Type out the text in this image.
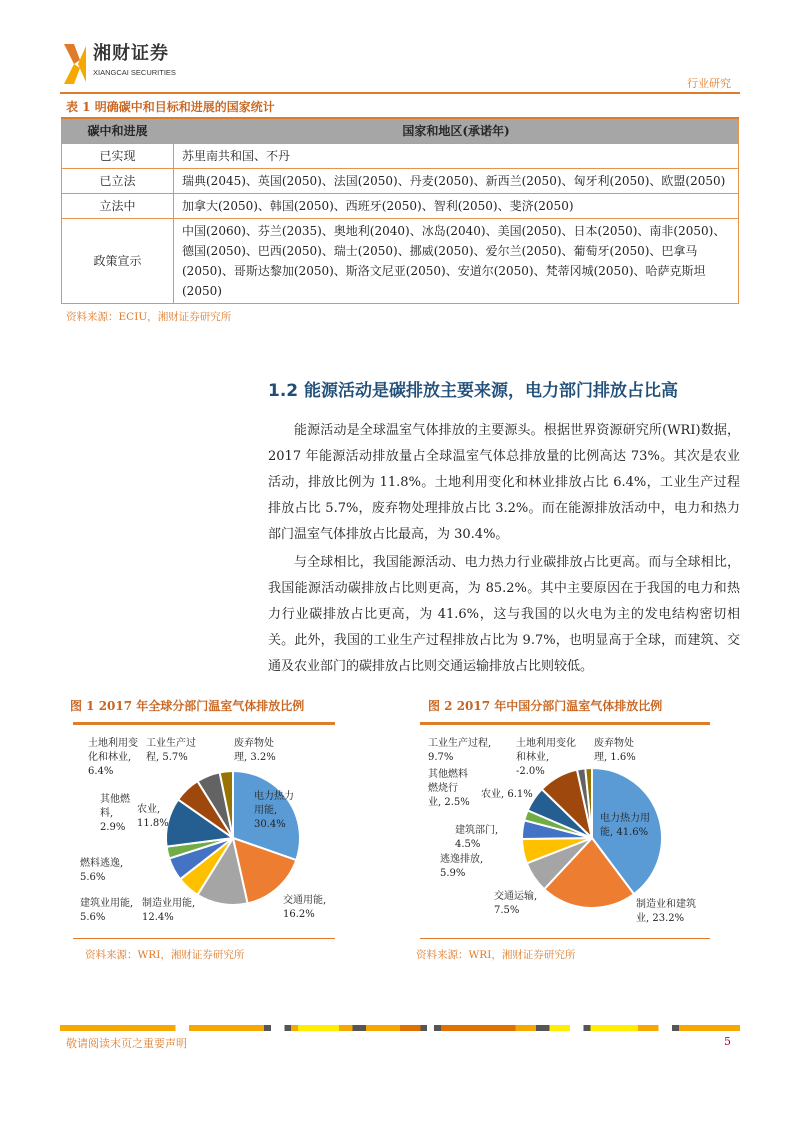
湘财证券
XIANGCAI SECURITIES
行业研究
表 1 明确碳中和目标和进展的国家统计
碳中和进展	国家和地区(承诺年)
已实现	苏里南共和国、不丹
已立法	瑞典(2045)、英国(2050)、法国(2050)、丹麦(2050)、新西兰(2050)、匈牙利(2050)、欧盟(2050)
立法中	加拿大(2050)、韩国(2050)、西班牙(2050)、智利(2050)、斐济(2050)
政策宣示	中国(2060)、芬兰(2035)、奥地利(2040)、冰岛(2040)、美国(2050)、日本(2050)、南非(2050)、德国(2050)、巴西(2050)、瑞士(2050)、挪威(2050)、爱尔兰(2050)、葡萄牙(2050)、巴拿马(2050)、哥斯达黎加(2050)、斯洛文尼亚(2050)、安道尔(2050)、梵蒂冈城(2050)、哈萨克斯坦(2050)
资料来源：ECIU，湘财证券研究所
1.2 能源活动是碳排放主要来源，电力部门排放占比高

能源活动是全球温室气体排放的主要源头。根据世界资源研究所(WRI)数据，2017 年能源活动排放量占全球温室气体总排放量的比例高达 73%。其次是农业活动，排放比例为 11.8%。土地利用变化和林业排放占比 6.4%，工业生产过程排放占比 5.7%，废弃物处理排放占比 3.2%。而在能源排放活动中，电力和热力部门温室气体排放占比最高，为 30.4%。

与全球相比，我国能源活动、电力热力行业碳排放占比更高。而与全球相比，我国能源活动碳排放占比则更高，为 85.2%。其中主要原因在于我国的电力和热力行业碳排放占比更高，为 41.6%，这与我国的以火电为主的发电结构密切相关。此外，我国的工业生产过程排放占比为 9.7%，也明显高于全球，而建筑、交通及农业部门的碳排放占比则交通运输排放占比则较低。

图 1 2017 年全球分部门温室气体排放比例
资料来源：WRI，湘财证券研究所
图 2 2017 年中国分部门温室气体排放比例
资料来源：WRI，湘财证券研究所
电力热力用能, 30.4%
交通用能, 16.2%
制造业用能, 12.4%
建筑业用能, 5.6%
燃料逃逸, 5.6%
其他燃料, 2.9%
农业, 11.8%
土地利用变化和林业, 6.4%
工业生产过程, 5.7%
废弃物处理, 3.2%
电力热力用能, 41.6%
制造业和建筑业, 23.2%
交通运输, 7.5%
逃逸排放, 5.9%
建筑部门, 4.5%
其他燃料燃烧行业, 2.5%
农业, 6.1%
工业生产过程, 9.7%
土地利用变化和林业, -2.0%
废弃物处理, 1.6%
敬请阅读末页之重要声明	5
